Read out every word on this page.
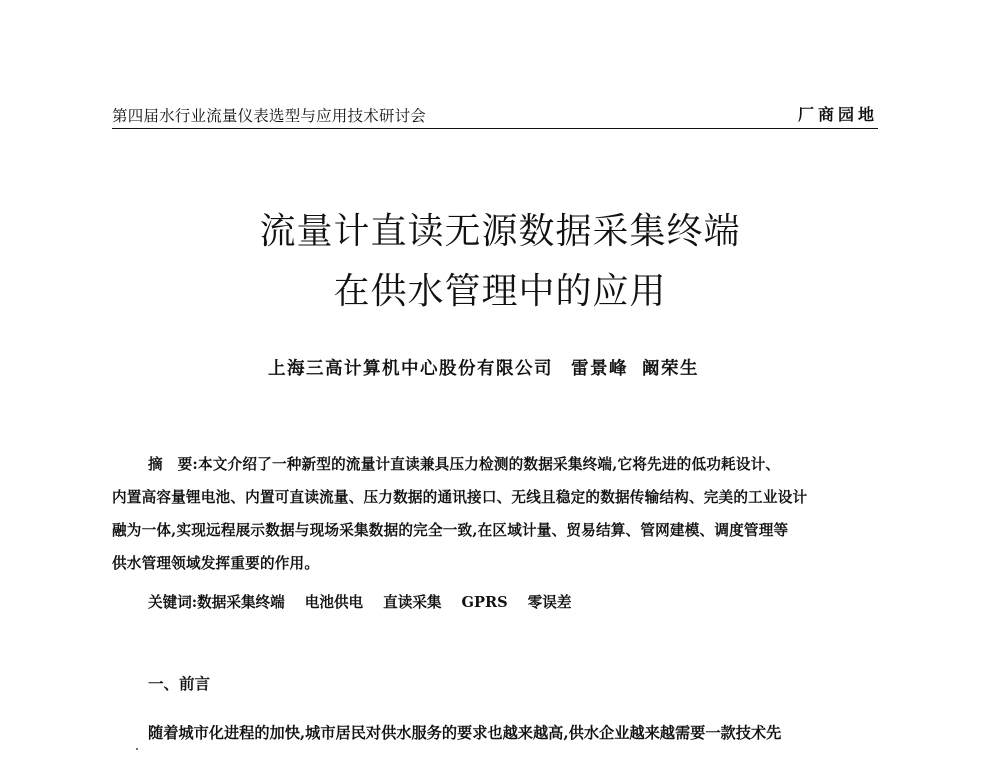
第四届水行业流量仪表选型与应用技术研讨会	厂商园地
流量计直读无源数据采集终端
在供水管理中的应用
上海三高计算机中心股份有限公司 雷景峰 阚荣生
摘　要:本文介绍了一种新型的流量计直读兼具压力检测的数据采集终端,它将先进的低功耗设计、
内置高容量锂电池、内置可直读流量、压力数据的通讯接口、无线且稳定的数据传输结构、完美的工业设计
融为一体,实现远程展示数据与现场采集数据的完全一致,在区域计量、贸易结算、管网建模、调度管理等
供水管理领域发挥重要的作用。
关键词:数据采集终端 电池供电 直读采集 GPRS 零误差
一、前言
随着城市化进程的加快,城市居民对供水服务的要求也越来越高,供水企业越来越需要一款技术先
